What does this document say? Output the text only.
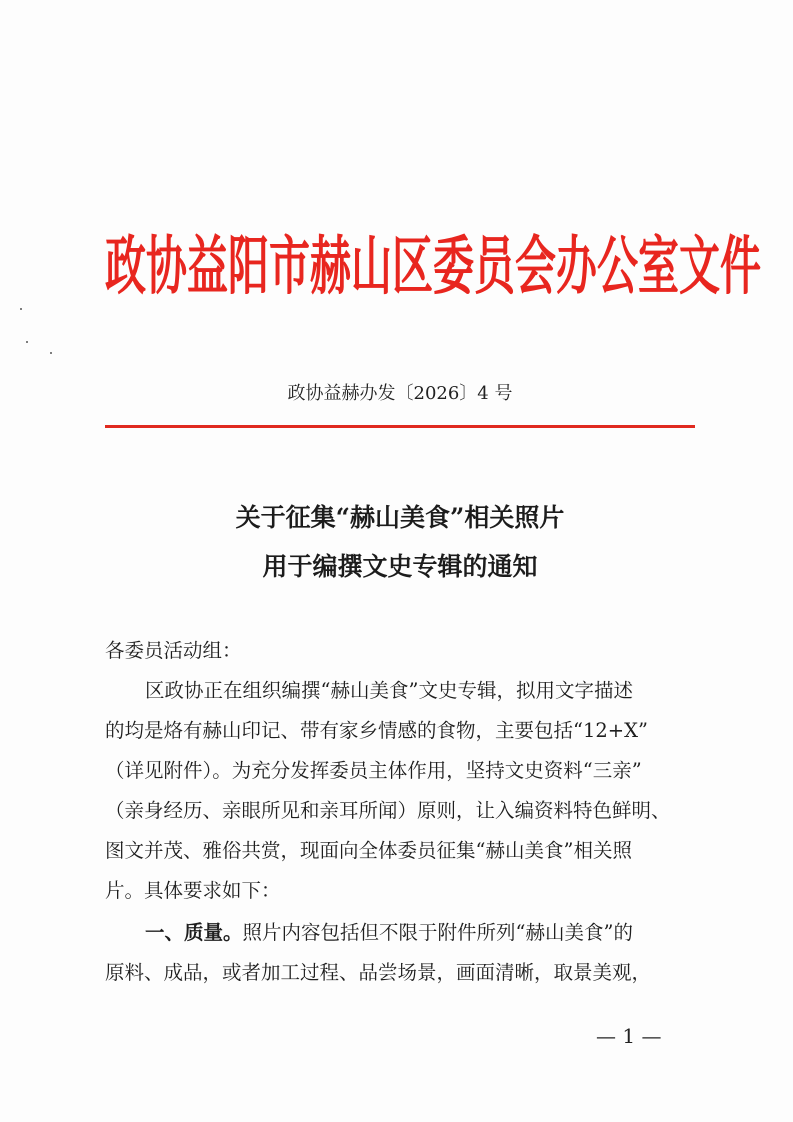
政协益阳市赫山区委员会办公室文件
政协益赫办发〔2026〕4 号
关于征集“赫山美食”相关照片
用于编撰文史专辑的通知
各委员活动组：
区政协正在组织编撰“赫山美食”文史专辑，拟用文字描述
的均是烙有赫山印记、带有家乡情感的食物，主要包括“12+X”
（详见附件）。为充分发挥委员主体作用，坚持文史资料“三亲”
（亲身经历、亲眼所见和亲耳所闻）原则，让入编资料特色鲜明、
图文并茂、雅俗共赏，现面向全体委员征集“赫山美食”相关照
片。具体要求如下：
一、质量。照片内容包括但不限于附件所列“赫山美食”的
原料、成品，或者加工过程、品尝场景，画面清晰，取景美观，
— 1 —
